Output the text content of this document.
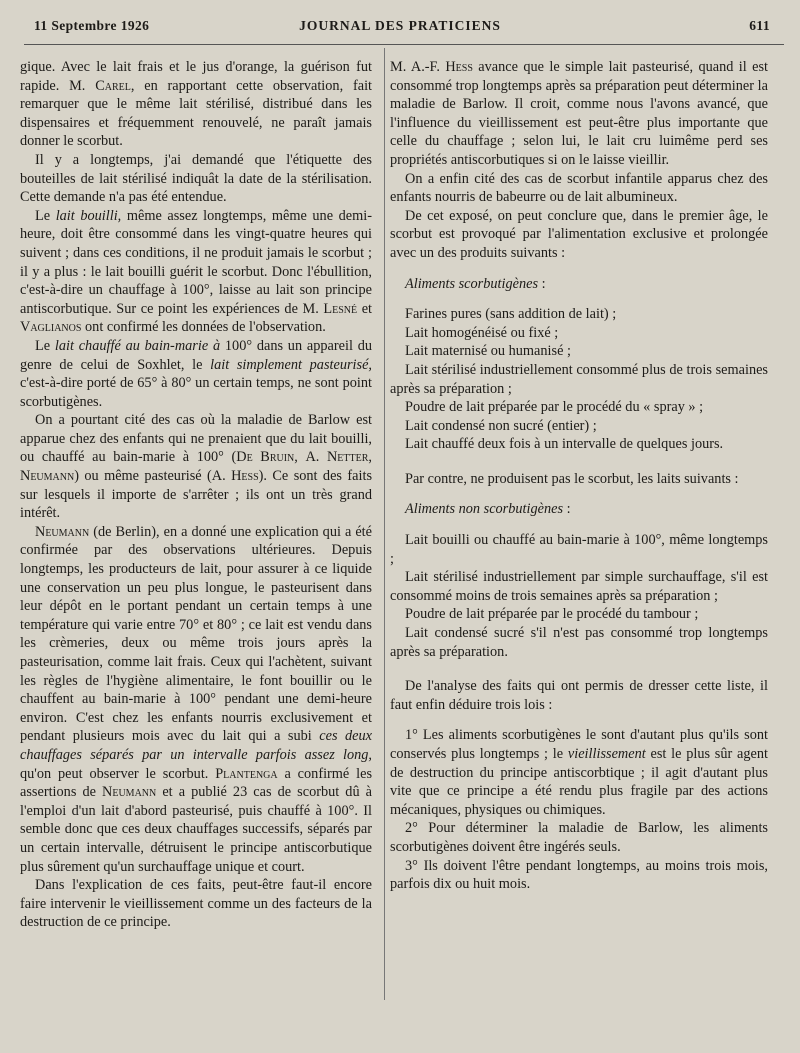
11 Septembre 1926	JOURNAL DES PRATICIENS	611

gique. Avec le lait frais et le jus d'orange, la guérison fut rapide. M. Carel, en rapportant cette observation, fait remarquer que le même lait stérilisé, distribué dans les dispensaires et fréquemment renouvelé, ne paraît jamais donner le scorbut.

Il y a longtemps, j'ai demandé que l'étiquette des bouteilles de lait stérilisé indiquât la date de la stérilisation. Cette demande n'a pas été entendue.

Le lait bouilli, même assez longtemps, même une demi-heure, doit être consommé dans les vingt-quatre heures qui suivent ; dans ces conditions, il ne produit jamais le scorbut ; il y a plus : le lait bouilli guérit le scorbut. Donc l'ébullition, c'est-à-dire un chauffage à 100°, laisse au lait son principe antiscorbutique. Sur ce point les expériences de M. Lesné et Vaglianos ont confirmé les données de l'observation.

Le lait chauffé au bain-marie à 100° dans un appareil du genre de celui de Soxhlet, le lait simplement pasteurisé, c'est-à-dire porté de 65° à 80° un certain temps, ne sont point scorbutigènes.

On a pourtant cité des cas où la maladie de Barlow est apparue chez des enfants qui ne prenaient que du lait bouilli, ou chauffé au bain-marie à 100° (De Bruin, A. Netter, Neumann) ou même pasteurisé (A. Hess). Ce sont des faits sur lesquels il importe de s'arrêter ; ils ont un très grand intérêt.

Neumann (de Berlin), en a donné une explication qui a été confirmée par des observations ultérieures. Depuis longtemps, les producteurs de lait, pour assurer à ce liquide une conservation un peu plus longue, le pasteurisent dans leur dépôt en le portant pendant un certain temps à une température qui varie entre 70° et 80° ; ce lait est vendu dans les crèmeries, deux ou même trois jours après la pasteurisation, comme lait frais. Ceux qui l'achètent, suivant les règles de l'hygiène alimentaire, le font bouillir ou le chauffent au bain-marie à 100° pendant une demi-heure environ. C'est chez les enfants nourris exclusivement et pendant plusieurs mois avec du lait qui a subi ces deux chauffages séparés par un intervalle parfois assez long, qu'on peut observer le scorbut. Plantenga a confirmé les assertions de Neumann et a publié 23 cas de scorbut dû à l'emploi d'un lait d'abord pasteurisé, puis chauffé à 100°. Il semble donc que ces deux chauffages successifs, séparés par un certain intervalle, détruisent le principe antiscorbutique plus sûrement qu'un surchauffage unique et court.

Dans l'explication de ces faits, peut-être faut-il encore faire intervenir le vieillissement comme un des facteurs de la destruction de ce principe.

M. A.-F. Hess avance que le simple lait pasteurisé, quand il est consommé trop longtemps après sa préparation peut déterminer la maladie de Barlow. Il croit, comme nous l'avons avancé, que l'influence du vieillissement est peut-être plus importante que celle du chauffage ; selon lui, le lait cru luimême perd ses propriétés antiscorbutiques si on le laisse vieillir.

On a enfin cité des cas de scorbut infantile apparus chez des enfants nourris de babeurre ou de lait albumineux.

De cet exposé, on peut conclure que, dans le premier âge, le scorbut est provoqué par l'alimentation exclusive et prolongée avec un des produits suivants :

Aliments scorbutigènes :

Farines pures (sans addition de lait) ;

Lait homogénéisé ou fixé ;

Lait maternisé ou humanisé ;

Lait stérilisé industriellement consommé plus de trois semaines après sa préparation ;

Poudre de lait préparée par le procédé du « spray » ;

Lait condensé non sucré (entier) ;

Lait chauffé deux fois à un intervalle de quelques jours.

Par contre, ne produisent pas le scorbut, les laits suivants :

Aliments non scorbutigènes :

Lait bouilli ou chauffé au bain-marie à 100°, même longtemps ;

Lait stérilisé industriellement par simple surchauffage, s'il est consommé moins de trois semaines après sa préparation ;

Poudre de lait préparée par le procédé du tambour ;

Lait condensé sucré s'il n'est pas consommé trop longtemps après sa préparation.

De l'analyse des faits qui ont permis de dresser cette liste, il faut enfin déduire trois lois :

1° Les aliments scorbutigènes le sont d'autant plus qu'ils sont conservés plus longtemps ; le vieillissement est le plus sûr agent de destruction du principe antiscorbtique ; il agit d'autant plus vite que ce principe a été rendu plus fragile par des actions mécaniques, physiques ou chimiques.

2° Pour déterminer la maladie de Barlow, les aliments scorbutigènes doivent être ingérés seuls.

3° Ils doivent l'être pendant longtemps, au moins trois mois, parfois dix ou huit mois.
